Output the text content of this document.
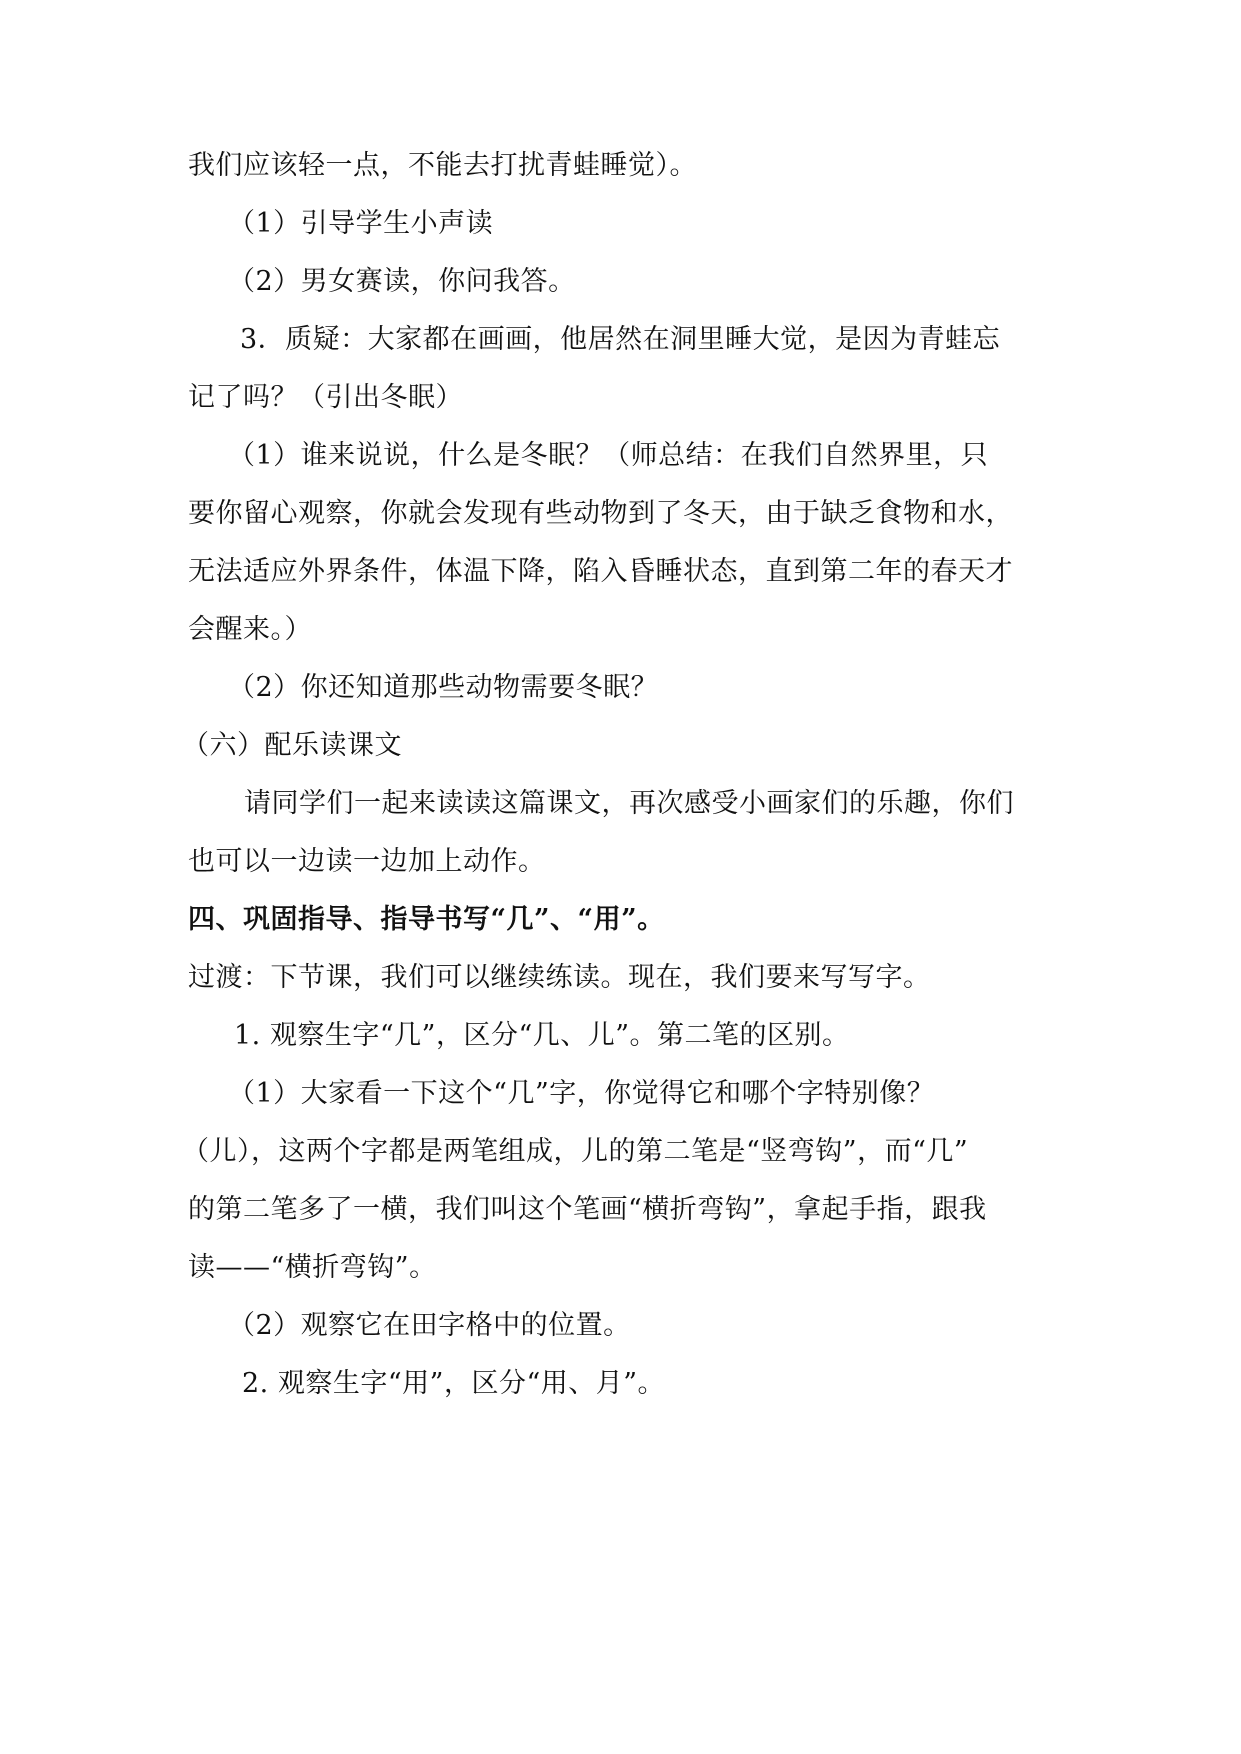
我们应该轻一点，不能去打扰青蛙睡觉）。
（1）引导学生小声读
（2）男女赛读，你问我答。
3．质疑：大家都在画画，他居然在洞里睡大觉，是因为青蛙忘
记了吗？（引出冬眠）
（1）谁来说说，什么是冬眠？（师总结：在我们自然界里，只
要你留心观察，你就会发现有些动物到了冬天，由于缺乏食物和水，
无法适应外界条件，体温下降，陷入昏睡状态，直到第二年的春天才
会醒来。）
（2）你还知道那些动物需要冬眠？
（六）配乐读课文
请同学们一起来读读这篇课文，再次感受小画家们的乐趣，你们
也可以一边读一边加上动作。
四、巩固指导、指导书写“几”、“用”。
过渡：下节课，我们可以继续练读。现在，我们要来写写字。
1. 观察生字“几”，区分“几、儿”。第二笔的区别。
（1）大家看一下这个“几”字，你觉得它和哪个字特别像？
（儿），这两个字都是两笔组成，儿的第二笔是“竖弯钩”，而“几”
的第二笔多了一横，我们叫这个笔画“横折弯钩”，拿起手指，跟我
读——“横折弯钩”。
（2）观察它在田字格中的位置。
2. 观察生字“用”，区分“用、月”。
